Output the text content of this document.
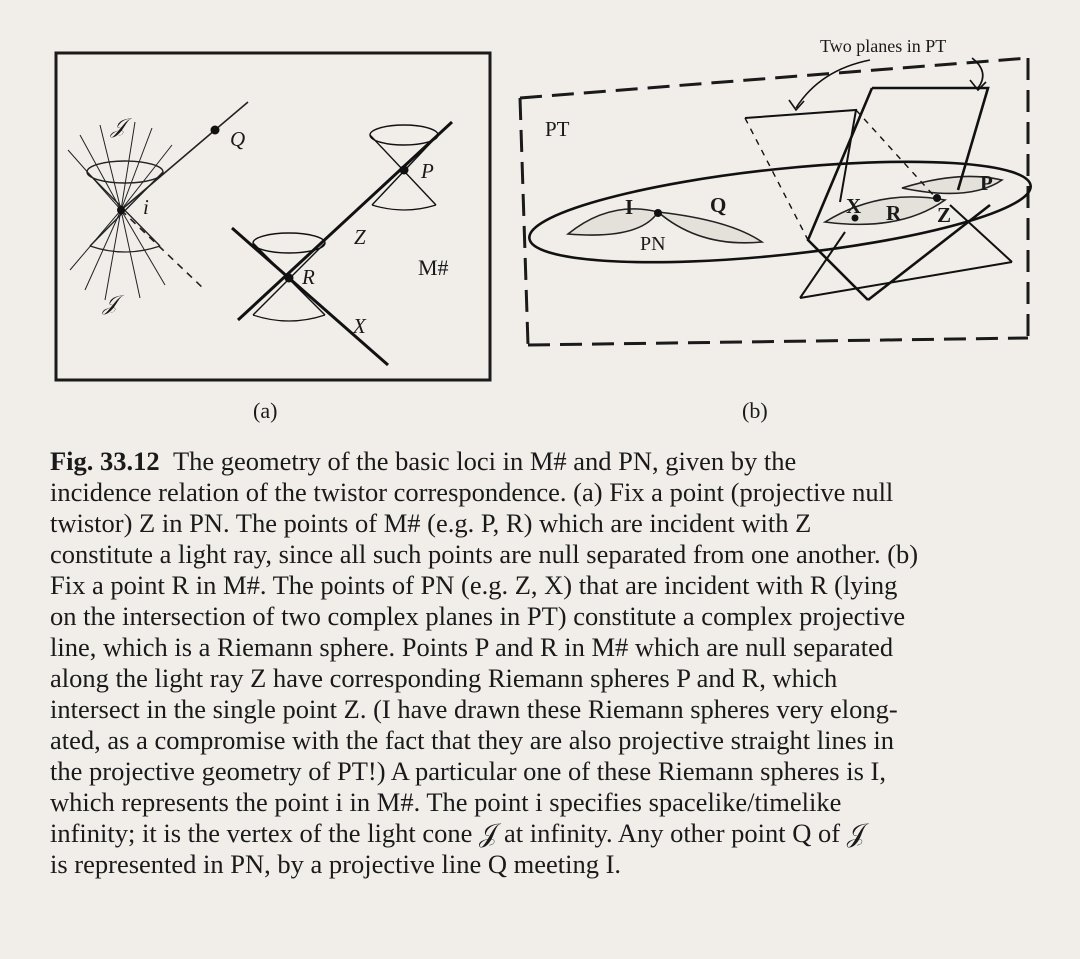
𝒥
𝒥
Q
i
P
Z
R
X
M#
(a)
Two planes in PT
PT
I	Q	X R Z
P
PN
(b)
Fig. 33.12 The geometry of the basic loci in M# and PN, given by the
incidence relation of the twistor correspondence. (a) Fix a point (projective null
twistor) Z in PN. The points of M# (e.g. P, R) which are incident with Z
constitute a light ray, since all such points are null separated from one another. (b)
Fix a point R in M#. The points of PN (e.g. Z, X) that are incident with R (lying
on the intersection of two complex planes in PT) constitute a complex projective
line, which is a Riemann sphere. Points P and R in M# which are null separated
along the light ray Z have corresponding Riemann spheres P and R, which
intersect in the single point Z. (I have drawn these Riemann spheres very elong-
ated, as a compromise with the fact that they are also projective straight lines in
the projective geometry of PT!) A particular one of these Riemann spheres is I,
which represents the point i in M#. The point i specifies spacelike/timelike
infinity; it is the vertex of the light cone 𝒥 at infinity. Any other point Q of 𝒥
is represented in PN, by a projective line Q meeting I.
